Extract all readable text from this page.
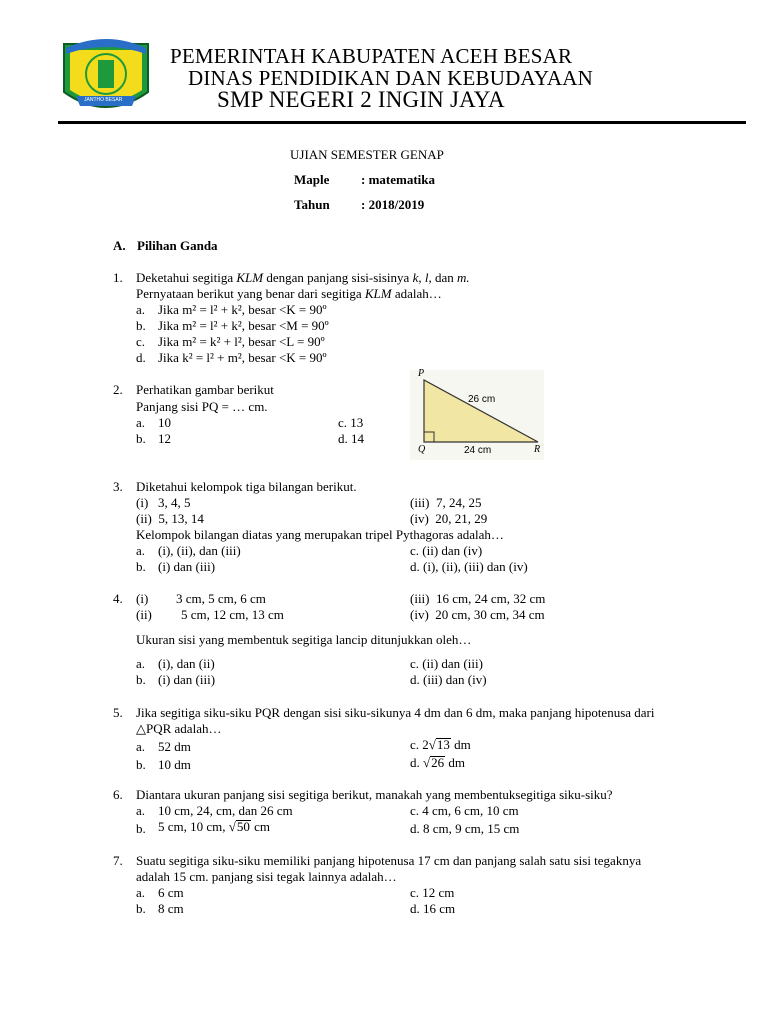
JANTHO BESAR
PEMERINTAH KABUPATEN ACEH BESAR
DINAS PENDIDIKAN DAN KEBUDAYAAN
SMP NEGERI 2 INGIN JAYA
UJIAN SEMESTER GENAP
Maple : matematika
Tahun : 2018/2019
A. Pilihan Ganda
1. Deketahui segitiga KLM dengan panjang sisi-sisinya k, l, dan m.
Pernyataan berikut yang benar dari segitiga KLM adalah…
a. Jika m² = l² + k², besar <K = 90º
b. Jika m² = l² + k², besar <M = 90º
c. Jika m² = k² + l², besar <L = 90º
d. Jika k² = l² + m², besar <K = 90º
2. Perhatikan gambar berikut
Panjang sisi PQ = … cm.
a. 10	c. 13
b. 12	d. 14
P
Q	R
26 cm
24 cm
3. Diketahui kelompok tiga bilangan berikut.
(i)   3, 4, 5	(iii)  7, 24, 25
(ii)  5, 13, 14	(iv)  20, 21, 29
Kelompok bilangan diatas yang merupakan tripel Pythagoras adalah…
a. (i), (ii), dan (iii)	c. (ii) dan (iv)
b. (i) dan (iii)	d. (i), (ii), (iii) dan (iv)
4. (i) 3 cm, 5 cm, 6 cm	(iii)  16 cm, 24 cm, 32 cm
(ii) 5 cm, 12 cm, 13 cm	(iv)  20 cm, 30 cm, 34 cm
Ukuran sisi yang membentuk segitiga lancip ditunjukkan oleh…
a. (i), dan (ii)	c. (ii) dan (iii)
b. (i) dan (iii)	d. (iii) dan (iv)
5. Jika segitiga siku-siku PQR dengan sisi siku-sikunya 4 dm dan 6 dm, maka panjang hipotenusa dari
△PQR adalah…
a. 52 dm	c. 2√13 dm
b. 10 dm	d. √26 dm
6. Diantara ukuran panjang sisi segitiga berikut, manakah yang membentuksegitiga siku-siku?
a. 10 cm, 24, cm, dan 26 cm	c. 4 cm, 6 cm, 10 cm
b. 5 cm, 10 cm, √50 cm	d. 8 cm, 9 cm, 15 cm
7. Suatu segitiga siku-siku memiliki panjang hipotenusa 17 cm dan panjang salah satu sisi tegaknya
adalah 15 cm. panjang sisi tegak lainnya adalah…
a. 6 cm	c. 12 cm
b. 8 cm	d. 16 cm
